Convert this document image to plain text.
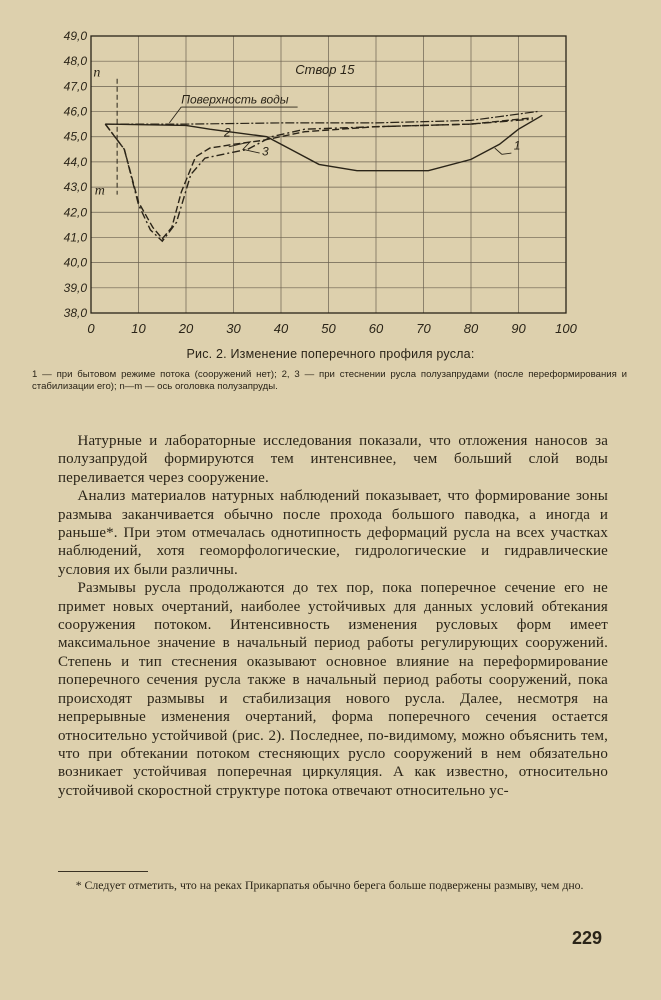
0	10	20	30	40	50	60	70	80	90 100
38,0
39,0
40,0
41,0
42,0
43,0
44,0
45,0
46,0
47,0
48,0
49,0
n
m
Поверхность воды
Створ 15
1
2
3
Рис. 2. Изменение поперечного профиля русла:
1 — при бытовом режиме потока (сооружений нет); 2, 3 — при стеснении русла полузапрудами (после переформирования и стабилизации его); n—m — ось оголовка полузапруды.

Натурные и лабораторные исследования показали, что отложения наносов за полузапрудой формируются тем интенсивнее, чем больший слой воды переливается через сооружение.

Анализ материалов натурных наблюдений показывает, что формирование зоны размыва заканчивается обычно после прохода большого паводка, а иногда и раньше*. При этом отмечалась однотипность деформаций русла на всех участках наблюдений, хотя геоморфологические, гидрологические и гидравлические условия их были различны.

Размывы русла продолжаются до тех пор, пока поперечное сечение его не примет новых очертаний, наиболее устойчивых для данных условий обтекания сооружения потоком. Интенсивность изменения русловых форм имеет максимальное значение в начальный период работы регулирующих сооружений. Степень и тип стеснения оказывают основное влияние на переформирование поперечного сечения русла также в начальный период работы сооружений, пока происходят размывы и стабилизация нового русла. Далее, несмотря на непрерывные изменения очертаний, форма поперечного сечения остается относительно устойчивой (рис. 2). Последнее, по-видимому, можно объяснить тем, что при обтекании потоком стесняющих русло сооружений в нем обязательно возникает устойчивая поперечная циркуляция. А как известно, относительно устойчивой скоростной структуре потока отвечают относительно ус-

* Следует отметить, что на реках Прикарпатья обычно берега больше подвержены размыву, чем дно.

229
